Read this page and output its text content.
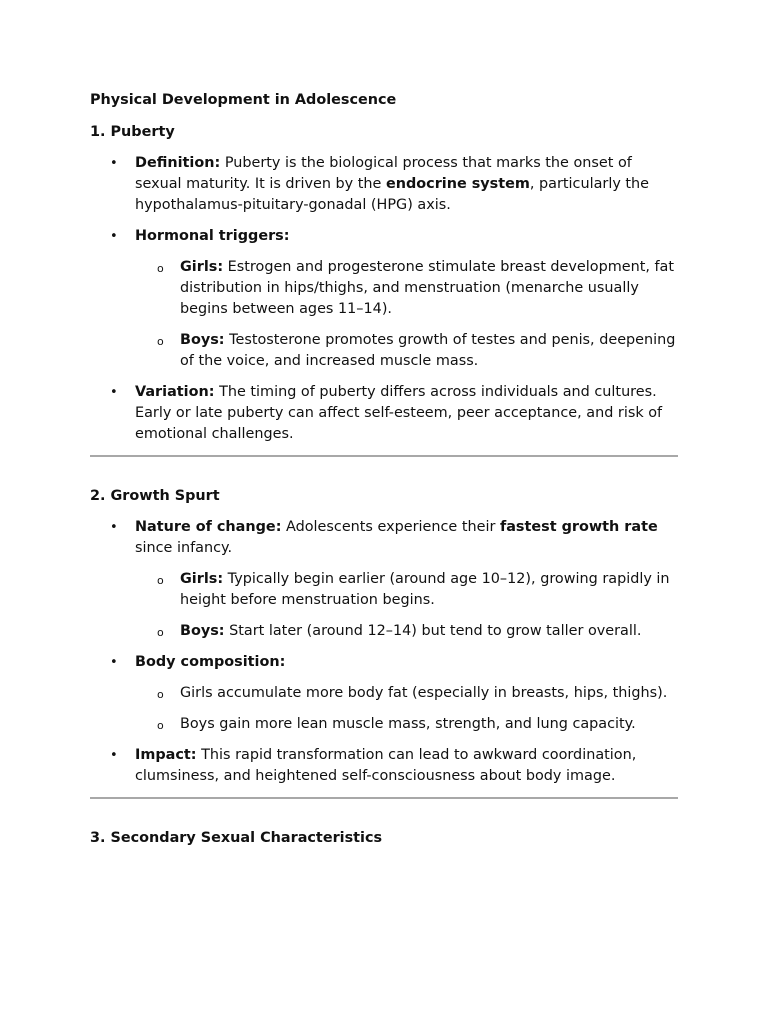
Physical Development in Adolescence
1. Puberty
• Definition: Puberty is the biological process that marks the onset of sexual maturity. It is driven by the endocrine system, particularly the hypothalamus-pituitary-gonadal (HPG) axis.
• Hormonal triggers:
o Girls: Estrogen and progesterone stimulate breast development, fat distribution in hips/thighs, and menstruation (menarche usually begins between ages 11–14).
o Boys: Testosterone promotes growth of testes and penis, deepening of the voice, and increased muscle mass.
• Variation: The timing of puberty differs across individuals and cultures. Early or late puberty can affect self-esteem, peer acceptance, and risk of emotional challenges.
2. Growth Spurt
• Nature of change: Adolescents experience their fastest growth rate since infancy.
o Girls: Typically begin earlier (around age 10–12), growing rapidly in height before menstruation begins.
o Boys: Start later (around 12–14) but tend to grow taller overall.
• Body composition:
o Girls accumulate more body fat (especially in breasts, hips, thighs).
o Boys gain more lean muscle mass, strength, and lung capacity.
• Impact: This rapid transformation can lead to awkward coordination, clumsiness, and heightened self-consciousness about body image.
3. Secondary Sexual Characteristics
